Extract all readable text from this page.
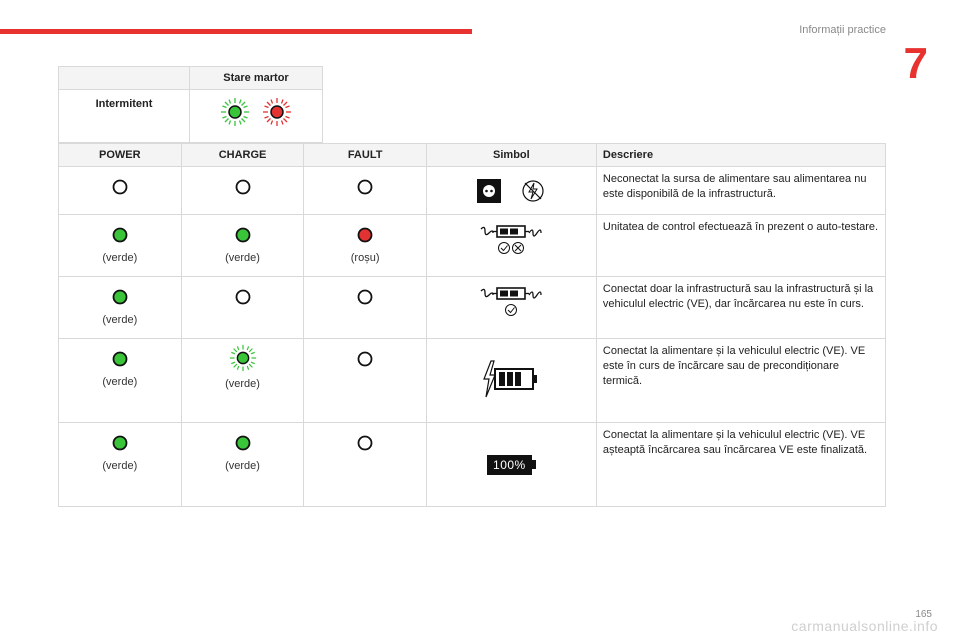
Informații practice
7
	Stare martor
Intermitent	
POWER	CHARGE	FAULT	Simbol	Descriere
				Neconectat la sursa de alimentare sau alimentarea nu este disponibilă de la infrastructură.

(verde)	(verde)	(roșu)		Unitatea de control efectuează în prezent o auto-testare.

(verde)				Conectat doar la infrastructură sau la infrastructură și la vehiculul electric (VE), dar încărcarea nu este în curs.

(verde)	(verde)			Conectat la alimentare și la vehiculul electric (VE). VE este în curs de încărcare sau de precondiționare termică.

(verde)	(verde)		100%	Conectat la alimentare și la vehiculul electric (VE). VE așteaptă încărcarea sau încărcarea VE este finalizată.
165
carmanualsonline.info
